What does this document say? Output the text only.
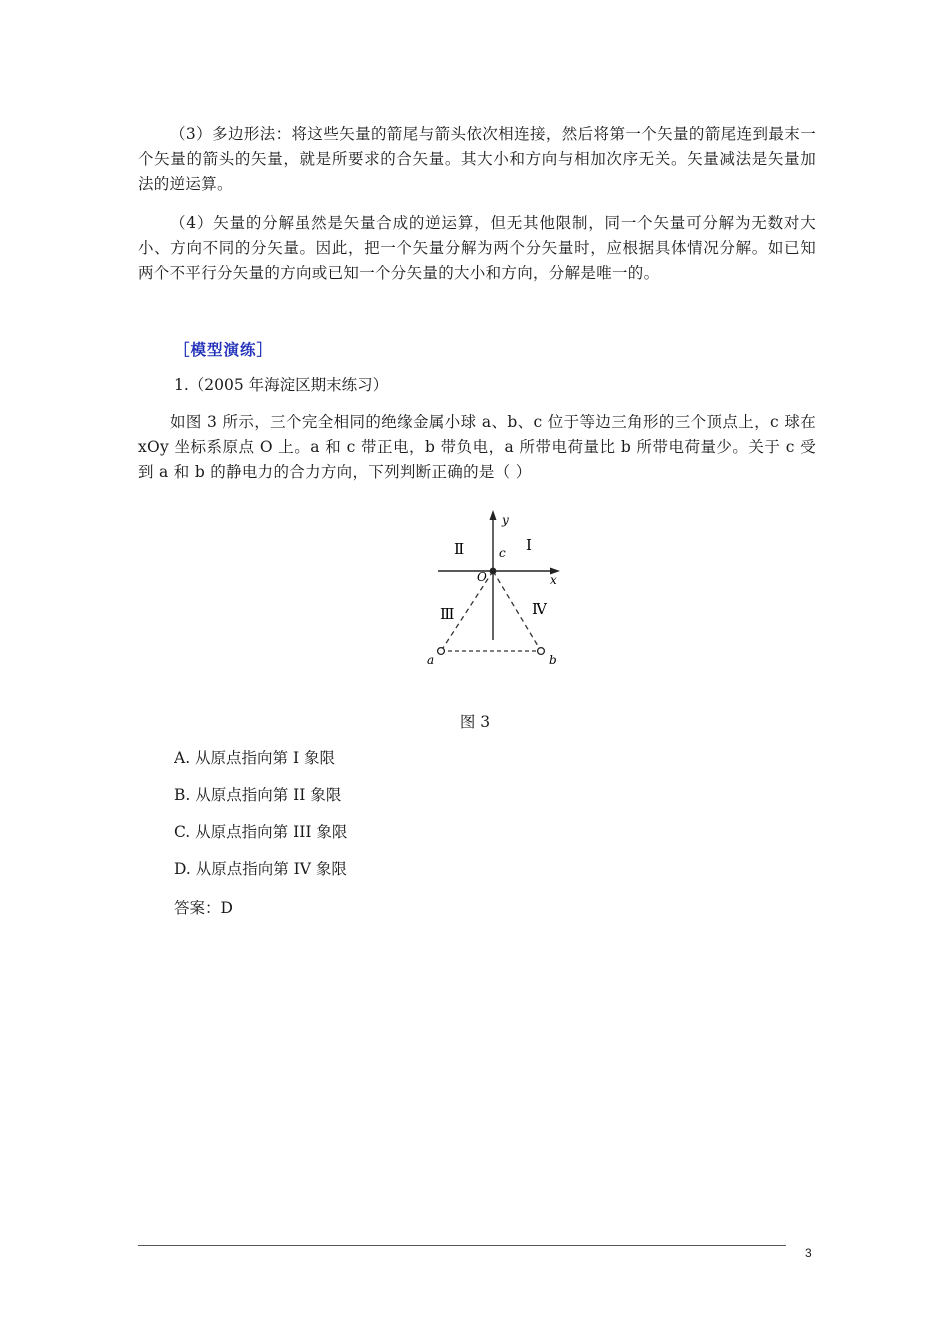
（3）多边形法：将这些矢量的箭尾与箭头依次相连接，然后将第一个矢量的箭尾连到最末一个矢量的箭头的矢量，就是所要求的合矢量。其大小和方向与相加次序无关。矢量减法是矢量加法的逆运算。
（4）矢量的分解虽然是矢量合成的逆运算，但无其他限制，同一个矢量可分解为无数对大小、方向不同的分矢量。因此，把一个矢量分解为两个分矢量时，应根据具体情况分解。如已知两个不平行分矢量的方向或已知一个分矢量的大小和方向，分解是唯一的。
［模型演练］
1.（2005 年海淀区期末练习）
如图 3 所示，三个完全相同的绝缘金属小球 a、b、c 位于等边三角形的三个顶点上，c 球在 xOy 坐标系原点 O 上。a 和 c 带正电，b 带负电，a 所带电荷量比 b 所带电荷量少。关于 c 受到 a 和 b 的静电力的合力方向，下列判断正确的是（ ）
y
x
c
O
a	b
Ⅰ
Ⅱ
Ⅲ	Ⅳ
图 3
A. 从原点指向第 I 象限
B. 从原点指向第 II 象限
C. 从原点指向第 III 象限
D. 从原点指向第 IV 象限
答案：D
3
